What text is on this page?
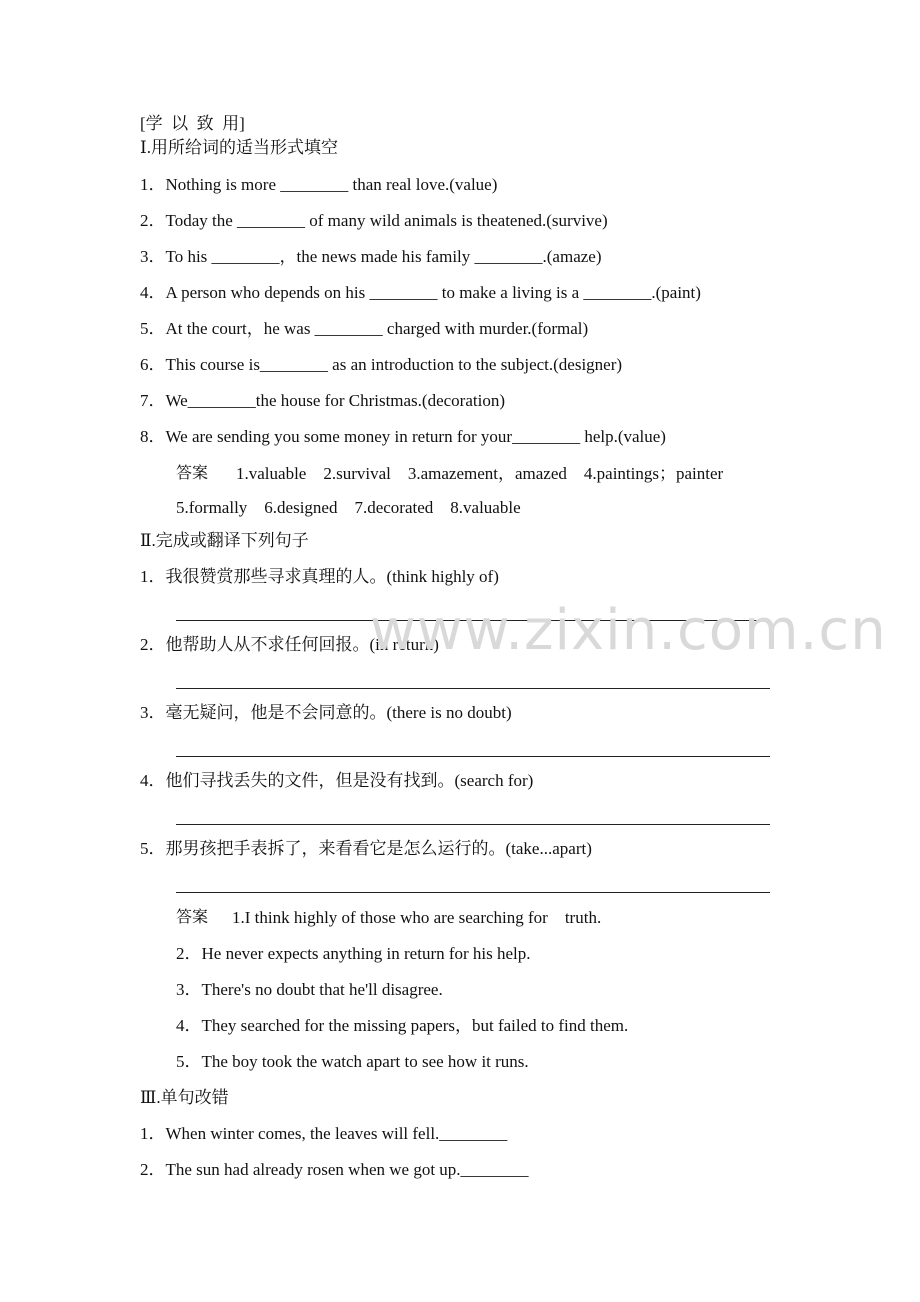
[学  以  致  用]
Ⅰ.用所给词的适当形式填空
1．Nothing is more ________ than real love.(value)
2．Today the ________ of many wild animals is theatened.(survive)
3．To his ________，the news made his family ________.(amaze)
4．A person who depends on his ________ to make a living is a ________.(paint)
5．At the court，he was ________ charged with murder.(formal)
6．This course is________ as an introduction to the subject.(designer)
7．We________the house for Christmas.(decoration)
8．We are sending you some money in return for your________ help.(value)
答案 1.valuable    2.survival    3.amazement，amazed    4.paintings；painter
5.formally    6.designed    7.decorated    8.valuable
Ⅱ.完成或翻译下列句子
1．我很赞赏那些寻求真理的人。(think highly of)
2．他帮助人从不求任何回报。(in return)
3．毫无疑问，他是不会同意的。(there is no doubt)
4．他们寻找丢失的文件，但是没有找到。(search for)
5．那男孩把手表拆了，来看看它是怎么运行的。(take...apart)
答案 1.I think highly of those who are searching for    truth.
2．He never expects anything in return for his help.
3．There's no doubt that he'll disagree.
4．They searched for the missing papers，but failed to find them.
5．The boy took the watch apart to see how it runs.
Ⅲ.单句改错
1．When winter comes, the leaves will fell.________
2．The sun had already rosen when we got up.________
www.zixin.com.cn
